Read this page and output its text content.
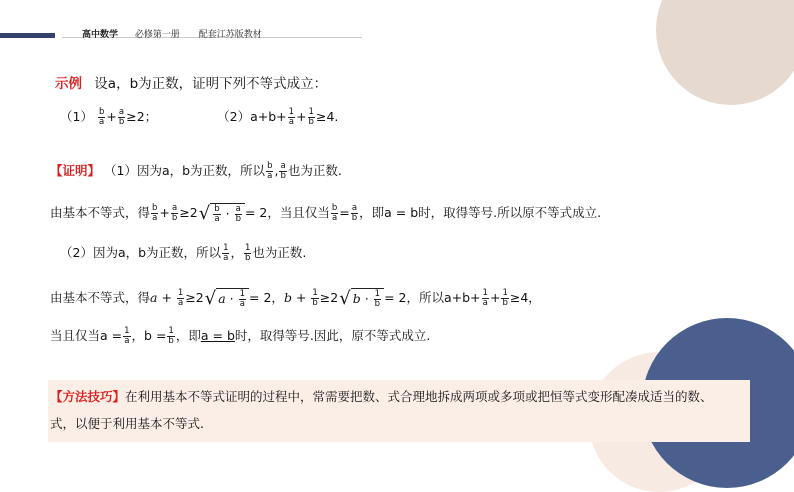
高中数学 必修第一册 配套江苏版教材
示例 设a，b为正数，证明下列不等式成立：
$(1) \frac{b}{a} + \frac{a}{b} \ge 2$；	$(2)a+b+ \frac{1}{a} + \frac{1}{b} \ge 4$.
【证明】 （1）因为a，b为正数，所以 $\frac{b}{a}$ , $\frac{a}{b}$ 也为正数.
由基本不等式，得 $\frac{b}{a} + \frac{a}{b} \ge 2√ \frac{b}{a} \cdot \frac{a}{b} = 2$，当且仅当 $\frac{b}{a} = \frac{a}{b}$ ，即a = b时，取得等号.所以原不等式成立.
（2）因为a，b为正数，所以 $\frac{1}{a}$ ， $\frac{1}{b}$ 也为正数.
由基本不等式，得$a + \frac{1}{a} \ge 2√$ $a \cdot \frac{1}{a} = 2$，$b + \frac{1}{b} \ge 2√$ $b \cdot \frac{1}{b} = 2$，所以$a+b+ \frac{1}{a} + \frac{1}{b} \ge 4$，
当且仅当$a = \frac{1}{a}$ ，$b = \frac{1}{b}$ ，即a = b时，取得等号.因此，原不等式成立.
【方法技巧】在利用基本不等式证明的过程中，常需要把数、式合理地拆成两项或多项或把恒等式变形配凑成适当的数、
式，以便于利用基本不等式.
